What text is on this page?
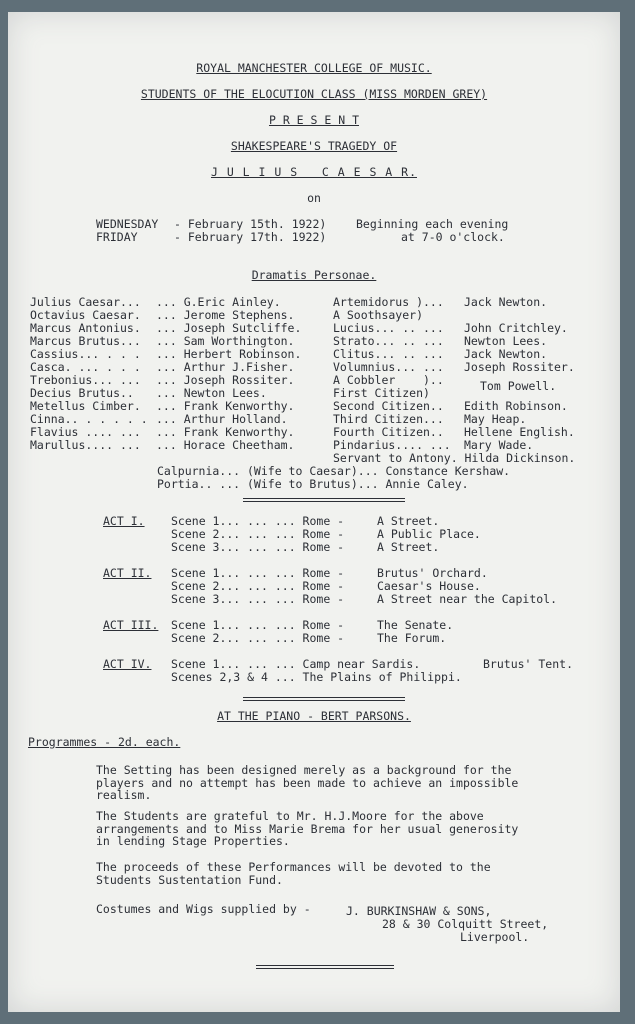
ROYAL MANCHESTER COLLEGE OF MUSIC.
STUDENTS OF THE ELOCUTION CLASS (MISS MORDEN GREY)
P R E S E N T
SHAKESPEARE'S TRAGEDY OF
J U L I U S   C A E S A R.
on
WEDNESDAY - February 15th. 1922)
FRIDAY	- February 17th. 1922)
Beginning each evening
at 7-0 o'clock.
Dramatis Personae.
Julius Caesar... ... G.Eric Ainley.
Octavius Caesar. ... Jerome Stephens.
Marcus Antonius. ... Joseph Sutcliffe.
Marcus Brutus... ... Sam Worthington.
Cassius... . . . ... Herbert Robinson.
Casca. ... . . . ... Arthur J.Fisher.
Trebonius... ... ... Joseph Rossiter.
Decius Brutus.. ... Newton Lees.
Metellus Cimber. ... Frank Kenworthy.
Cinna.. . . . . . ... Arthur Holland.
Flavius .... ... ... Frank Kenworthy.
Marullus.... ... ... Horace Cheetham.
Artemidorus )... Jack Newton.
A Soothsayer)
Lucius... .. ... John Critchley.
Strato... .. ... Newton Lees.
Clitus... .. ... Jack Newton.
Volumnius... ... Joseph Rossiter.
A Cobbler    )..	Tom Powell.
First Citizen)
Second Citizen.. Edith Robinson.
Third Citizen... May Heap.
Fourth Citizen.. Hellene English.
Pindarius.... ... Mary Wade.
Servant to Antony. Hilda Dickinson.
Calpurnia... (Wife to Caesar)... Constance Kershaw.
Portia.. ... (Wife to Brutus)... Annie Caley.
ACT I. Scene 1... ... ... Rome -	A Street.
Scene 2... ... ... Rome -	A Public Place.
Scene 3... ... ... Rome -	A Street.
ACT II. Scene 1... ... ... Rome -	Brutus' Orchard.
Scene 2... ... ... Rome -	Caesar's House.
Scene 3... ... ... Rome -	A Street near the Capitol.
ACT III. Scene 1... ... ... Rome -	The Senate.
Scene 2... ... ... Rome -	The Forum.
ACT IV. Scene 1... ... ... Camp near Sardis.	Brutus' Tent.
Scenes 2,3 & 4 ... The Plains of Philippi.
AT THE PIANO - BERT PARSONS.
Programmes - 2d. each.
The Setting has been designed merely as a background for the
players and no attempt has been made to achieve an impossible
realism.
The Students are grateful to Mr. H.J.Moore for the above
arrangements and to Miss Marie Brema for her usual generosity
in lending Stage Properties.
The proceeds of these Performances will be devoted to the
Students Sustentation Fund.
Costumes and Wigs supplied by -	J. BURKINSHAW & SONS,
28 & 30 Colquitt Street,
Liverpool.
